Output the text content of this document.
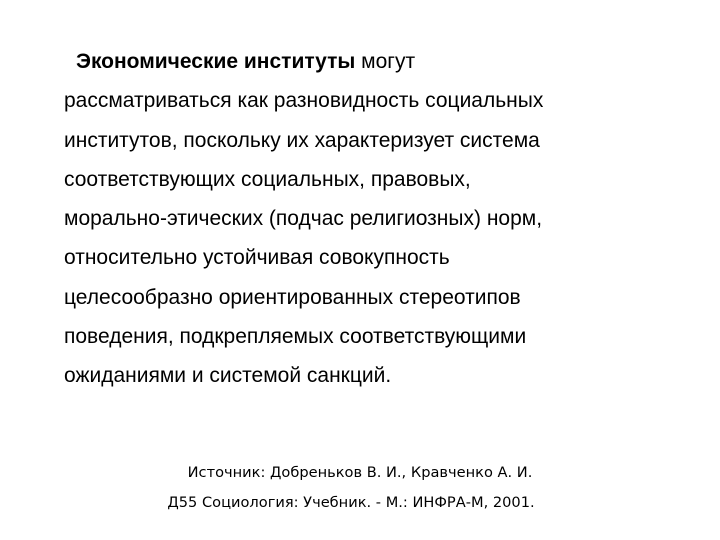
Экономические институты могут
рассматриваться как разновидность социальных
институтов, поскольку их характеризует система
соответствующих социальных, правовых,
морально-этических (подчас религиозных) норм,
относительно устойчивая совокупность
целесообразно ориентированных стереотипов
поведения, подкрепляемых соответствующими
ожиданиями и системой санкций.

Источник: Добреньков В. И., Кравченко А. И.
Д55 Социология: Учебник. - М.: ИНФРА-М, 2001.
